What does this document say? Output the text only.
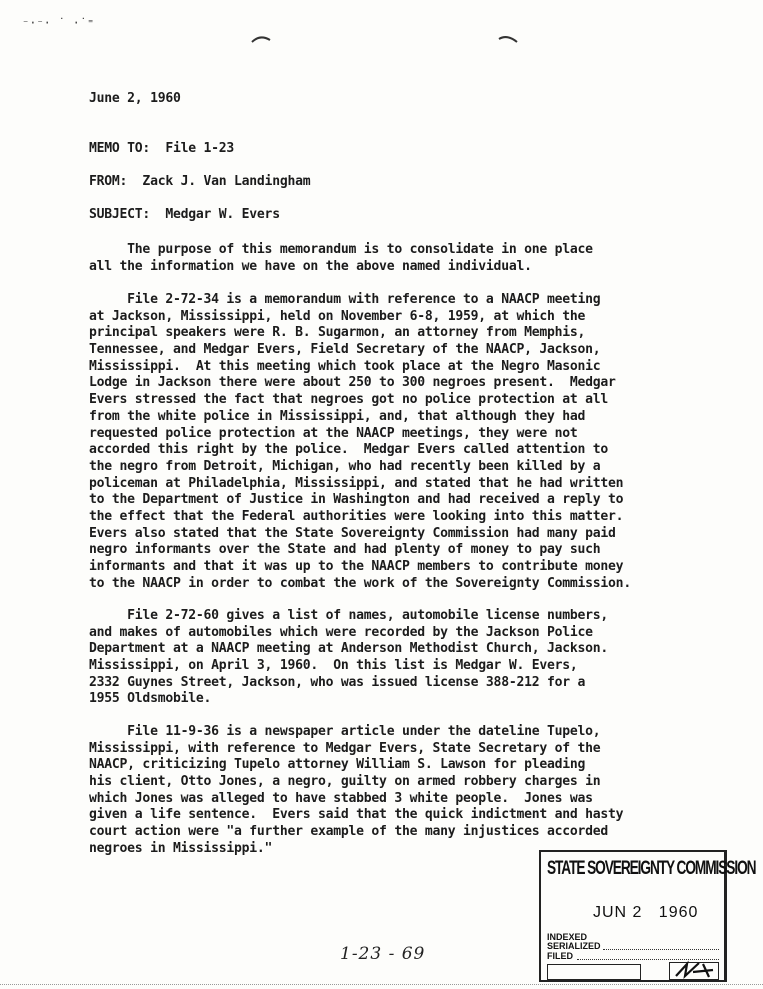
⁻·⁻· ˙ ·˙⁼
June 2, 1960
MEMO TO:  File 1-23
FROM:  Zack J. Van Landingham
SUBJECT:  Medgar W. Evers
The purpose of this memorandum is to consolidate in one place
all the information we have on the above named individual.
File 2-72-34 is a memorandum with reference to a NAACP meeting
at Jackson, Mississippi, held on November 6-8, 1959, at which the
principal speakers were R. B. Sugarmon, an attorney from Memphis,
Tennessee, and Medgar Evers, Field Secretary of the NAACP, Jackson,
Mississippi.  At this meeting which took place at the Negro Masonic
Lodge in Jackson there were about 250 to 300 negroes present.  Medgar
Evers stressed the fact that negroes got no police protection at all
from the white police in Mississippi, and, that although they had
requested police protection at the NAACP meetings, they were not
accorded this right by the police.  Medgar Evers called attention to
the negro from Detroit, Michigan, who had recently been killed by a
policeman at Philadelphia, Mississippi, and stated that he had written
to the Department of Justice in Washington and had received a reply to
the effect that the Federal authorities were looking into this matter.
Evers also stated that the State Sovereignty Commission had many paid
negro informants over the State and had plenty of money to pay such
informants and that it was up to the NAACP members to contribute money
to the NAACP in order to combat the work of the Sovereignty Commission.
File 2-72-60 gives a list of names, automobile license numbers,
and makes of automobiles which were recorded by the Jackson Police
Department at a NAACP meeting at Anderson Methodist Church, Jackson.
Mississippi, on April 3, 1960.  On this list is Medgar W. Evers,
2332 Guynes Street, Jackson, who was issued license 388-212 for a
1955 Oldsmobile.
File 11-9-36 is a newspaper article under the dateline Tupelo,
Mississippi, with reference to Medgar Evers, State Secretary of the
NAACP, criticizing Tupelo attorney William S. Lawson for pleading
his client, Otto Jones, a negro, guilty on armed robbery charges in
which Jones was alleged to have stabbed 3 white people.  Jones was
given a life sentence.  Evers said that the quick indictment and hasty
court action were "a further example of the many injustices accorded
negroes in Mississippi."
STATE SOVEREIGNTY COMMISSION
JUN 2   1960
INDEXED
SERIALIZED
FILED
1-23 - 69
